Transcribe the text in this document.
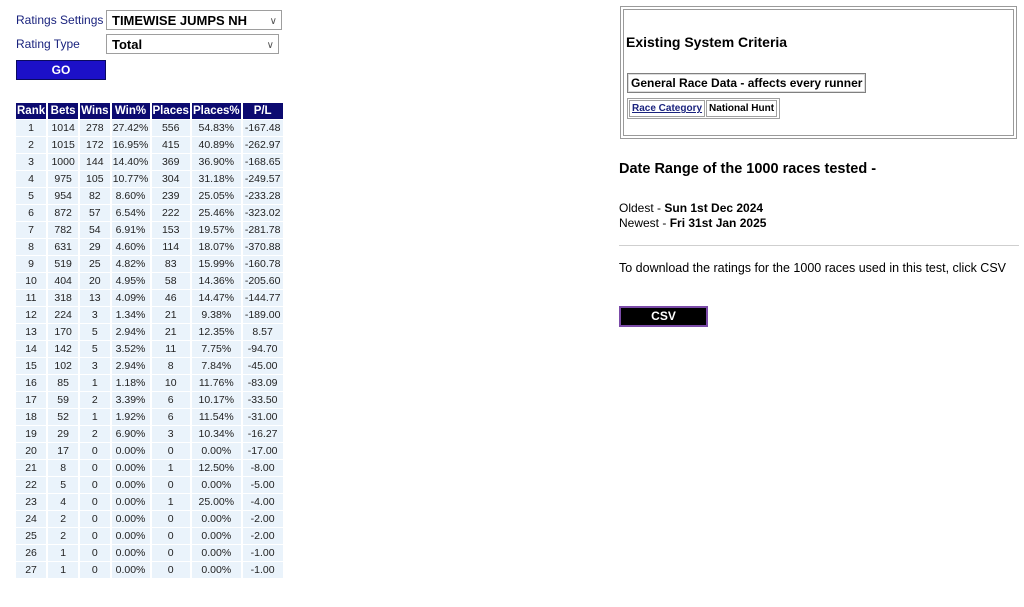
Ratings Settings TIMEWISE JUMPS NH ∨
Rating Type	Total	∨
GO
Rank	Bets	Wins	Win%	Places	Places%	P/L
1	1014	278	27.42%	556	54.83%	-167.48
2	1015	172	16.95%	415	40.89%	-262.97
3	1000	144	14.40%	369	36.90%	-168.65
4	975	105	10.77%	304	31.18%	-249.57
5	954	82	8.60%	239	25.05%	-233.28
6	872	57	6.54%	222	25.46%	-323.02
7	782	54	6.91%	153	19.57%	-281.78
8	631	29	4.60%	114	18.07%	-370.88
9	519	25	4.82%	83	15.99%	-160.78
10	404	20	4.95%	58	14.36%	-205.60
11	318	13	4.09%	46	14.47%	-144.77
12	224	3	1.34%	21	9.38%	-189.00
13	170	5	2.94%	21	12.35%	8.57
14	142	5	3.52%	11	7.75%	-94.70
15	102	3	2.94%	8	7.84%	-45.00
16	85	1	1.18%	10	11.76%	-83.09
17	59	2	3.39%	6	10.17%	-33.50
18	52	1	1.92%	6	11.54%	-31.00
19	29	2	6.90%	3	10.34%	-16.27
20	17	0	0.00%	0	0.00%	-17.00
21	8	0	0.00%	1	12.50%	-8.00
22	5	0	0.00%	0	0.00%	-5.00
23	4	0	0.00%	1	25.00%	-4.00
24	2	0	0.00%	0	0.00%	-2.00
25	2	0	0.00%	0	0.00%	-2.00
26	1	0	0.00%	0	0.00%	-1.00
27	1	0	0.00%	0	0.00%	-1.00
Existing System Criteria
General Race Data - affects every runner
Race Category National Hunt
Date Range of the 1000 races tested -
Oldest - Sun 1st Dec 2024
Newest - Fri 31st Jan 2025
To download the ratings for the 1000 races used in this test, click CSV
CSV
